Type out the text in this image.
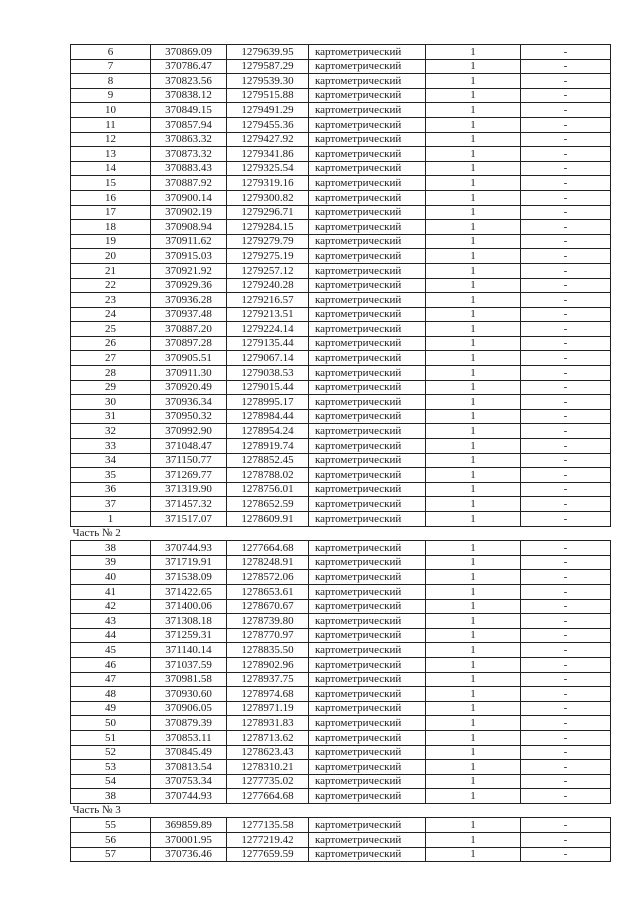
6	370869.09	1279639.95	картометрический	1	-
7	370786.47	1279587.29	картометрический	1	-
8	370823.56	1279539.30	картометрический	1	-
9	370838.12	1279515.88	картометрический	1	-
10	370849.15	1279491.29	картометрический	1	-
11	370857.94	1279455.36	картометрический	1	-
12	370863.32	1279427.92	картометрический	1	-
13	370873.32	1279341.86	картометрический	1	-
14	370883.43	1279325.54	картометрический	1	-
15	370887.92	1279319.16	картометрический	1	-
16	370900.14	1279300.82	картометрический	1	-
17	370902.19	1279296.71	картометрический	1	-
18	370908.94	1279284.15	картометрический	1	-
19	370911.62	1279279.79	картометрический	1	-
20	370915.03	1279275.19	картометрический	1	-
21	370921.92	1279257.12	картометрический	1	-
22	370929.36	1279240.28	картометрический	1	-
23	370936.28	1279216.57	картометрический	1	-
24	370937.48	1279213.51	картометрический	1	-
25	370887.20	1279224.14	картометрический	1	-
26	370897.28	1279135.44	картометрический	1	-
27	370905.51	1279067.14	картометрический	1	-
28	370911.30	1279038.53	картометрический	1	-
29	370920.49	1279015.44	картометрический	1	-
30	370936.34	1278995.17	картометрический	1	-
31	370950.32	1278984.44	картометрический	1	-
32	370992.90	1278954.24	картометрический	1	-
33	371048.47	1278919.74	картометрический	1	-
34	371150.77	1278852.45	картометрический	1	-
35	371269.77	1278788.02	картометрический	1	-
36	371319.90	1278756.01	картометрический	1	-
37	371457.32	1278652.59	картометрический	1	-
1	371517.07	1278609.91	картометрический	1	-
Часть № 2					
38	370744.93	1277664.68	картометрический	1	-
39	371719.91	1278248.91	картометрический	1	-
40	371538.09	1278572.06	картометрический	1	-
41	371422.65	1278653.61	картометрический	1	-
42	371400.06	1278670.67	картометрический	1	-
43	371308.18	1278739.80	картометрический	1	-
44	371259.31	1278770.97	картометрический	1	-
45	371140.14	1278835.50	картометрический	1	-
46	371037.59	1278902.96	картометрический	1	-
47	370981.58	1278937.75	картометрический	1	-
48	370930.60	1278974.68	картометрический	1	-
49	370906.05	1278971.19	картометрический	1	-
50	370879.39	1278931.83	картометрический	1	-
51	370853.11	1278713.62	картометрический	1	-
52	370845.49	1278623.43	картометрический	1	-
53	370813.54	1278310.21	картометрический	1	-
54	370753.34	1277735.02	картометрический	1	-
38	370744.93	1277664.68	картометрический	1	-
Часть № 3					
55	369859.89	1277135.58	картометрический	1	-
56	370001.95	1277219.42	картометрический	1	-
57	370736.46	1277659.59	картометрический	1	-
